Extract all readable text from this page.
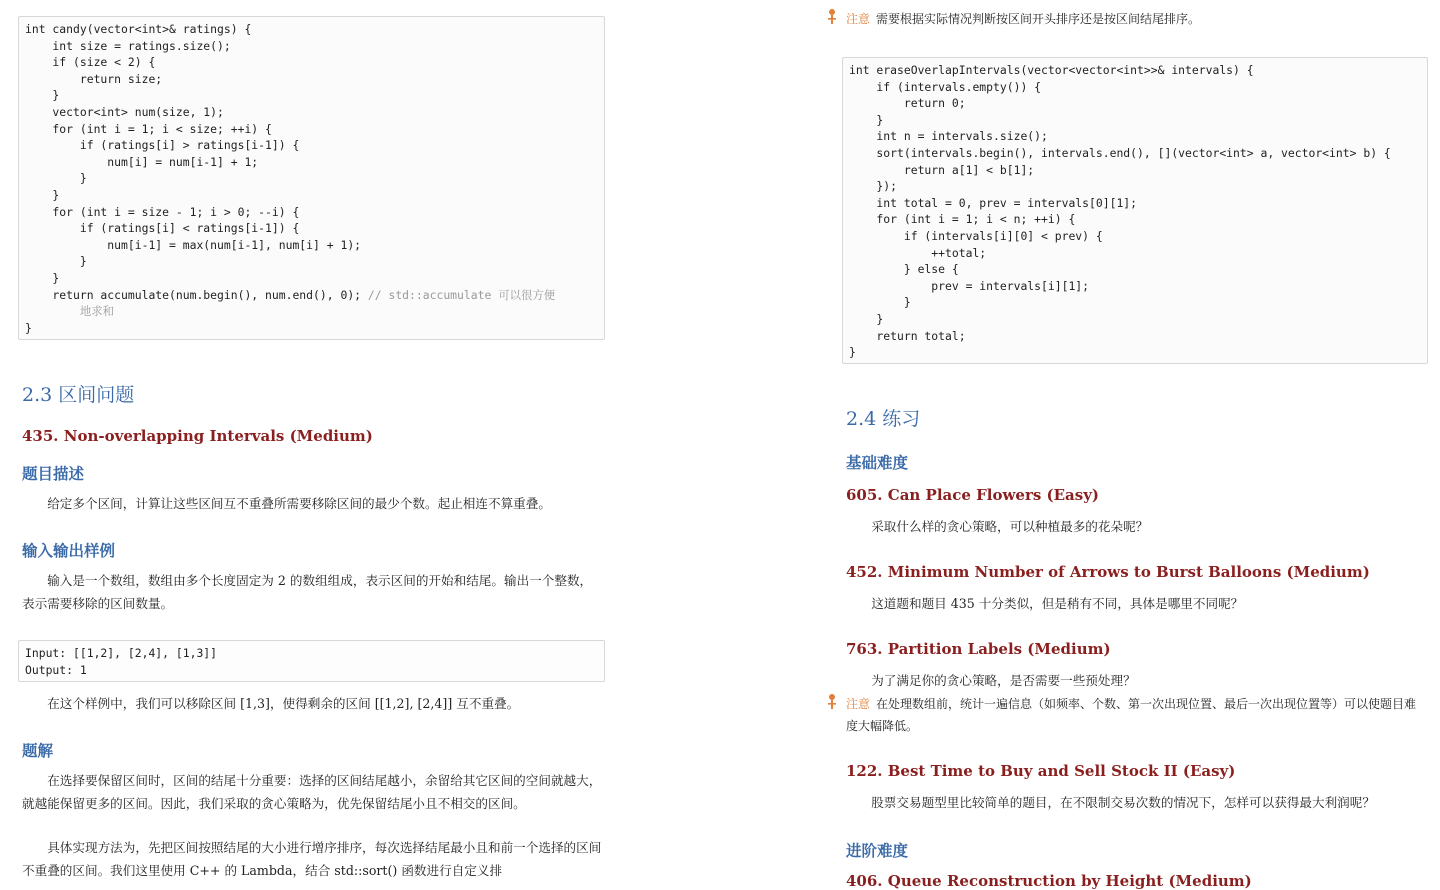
int candy(vector<int>& ratings) {
int size = ratings.size();
if (size < 2) {
return size;
}
vector<int> num(size, 1);
for (int i = 1; i < size; ++i) {
if (ratings[i] > ratings[i-1]) {
num[i] = num[i-1] + 1;
}
}
for (int i = size - 1; i > 0; --i) {
if (ratings[i] < ratings[i-1]) {
num[i-1] = max(num[i-1], num[i] + 1);
}
}
return accumulate(num.begin(), num.end(), 0); // std::accumulate 可以很方便
地求和
}
2.3 区间问题
435. Non-overlapping Intervals (Medium)
题目描述

给定多个区间，计算让这些区间互不重叠所需要移除区间的最少个数。起止相连不算重叠。

输入输出样例

输入是一个数组，数组由多个长度固定为 2 的数组组成，表示区间的开始和结尾。输出一个整数，表示需要移除的区间数量。

Input: [[1,2], [2,4], [1,3]]
Output: 1

在这个样例中，我们可以移除区间 [1,3]，使得剩余的区间 [[1,2], [2,4]] 互不重叠。

题解

在选择要保留区间时，区间的结尾十分重要：选择的区间结尾越小，余留给其它区间的空间就越大，就越能保留更多的区间。因此，我们采取的贪心策略为，优先保留结尾小且不相交的区间。

具体实现方法为，先把区间按照结尾的大小进行增序排序，每次选择结尾最小且和前一个选择的区间不重叠的区间。我们这里使用 C++ 的 Lambda，结合 std::sort() 函数进行自定义排

注意 需要根据实际情况判断按区间开头排序还是按区间结尾排序。
int eraseOverlapIntervals(vector<vector<int>>& intervals) {
if (intervals.empty()) {
return 0;
}
int n = intervals.size();
sort(intervals.begin(), intervals.end(), [](vector<int> a, vector<int> b) {
return a[1] < b[1];
});
int total = 0, prev = intervals[0][1];
for (int i = 1; i < n; ++i) {
if (intervals[i][0] < prev) {
++total;
} else {
prev = intervals[i][1];
}
}
return total;
}
2.4 练习
基础难度
605. Can Place Flowers (Easy)

采取什么样的贪心策略，可以种植最多的花朵呢？

452. Minimum Number of Arrows to Burst Balloons (Medium)

这道题和题目 435 十分类似，但是稍有不同，具体是哪里不同呢？

763. Partition Labels (Medium)

为了满足你的贪心策略，是否需要一些预处理？

注意 在处理数组前，统计一遍信息（如频率、个数、第一次出现位置、最后一次出现位置等）可以使题目难度大幅降低。
122. Best Time to Buy and Sell Stock II (Easy)

股票交易题型里比较简单的题目，在不限制交易次数的情况下，怎样可以获得最大利润呢？

进阶难度
406. Queue Reconstruction by Height (Medium)
